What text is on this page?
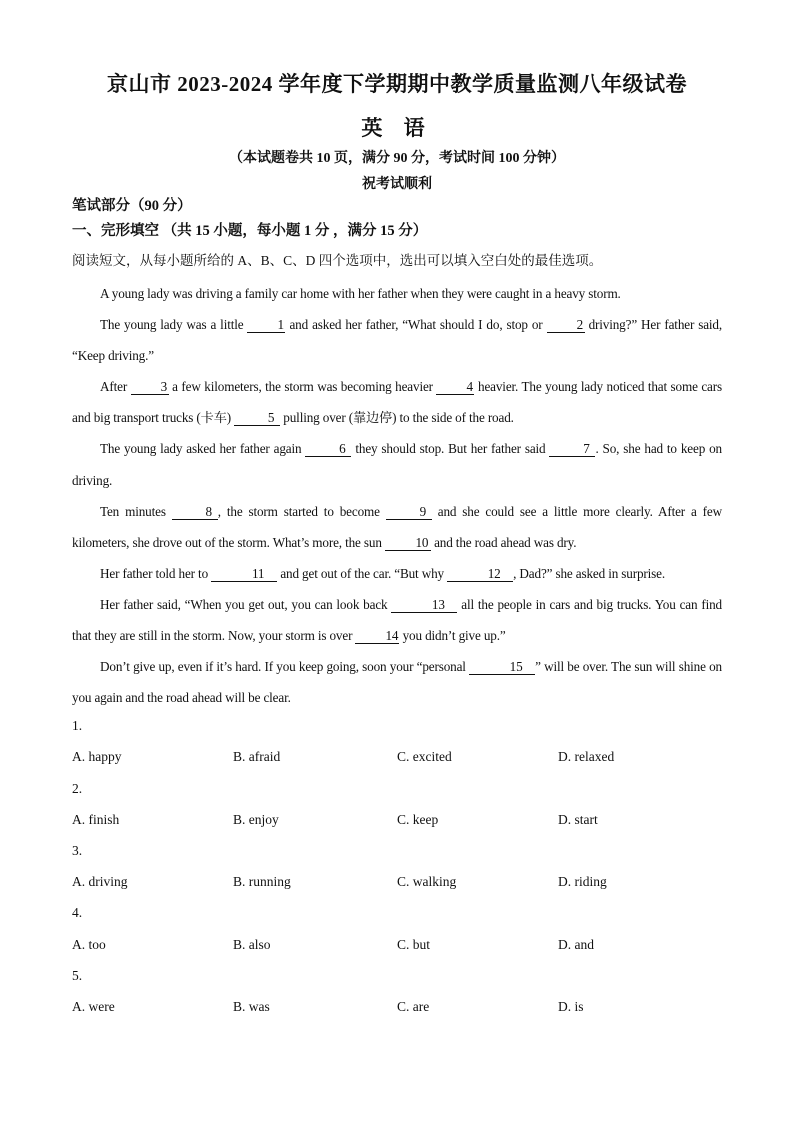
京山市 2023-2024 学年度下学期期中教学质量监测八年级试卷
英 语
（本试题卷共 10 页，满分 90 分，考试时间 100 分钟）
祝考试顺利
笔试部分（90 分）
一、完形填空 （共 15 小题，每小题 1 分 ，满分 15 分）
阅读短文，从每小题所给的 A、B、C、D 四个选项中，选出可以填入空白处的最佳选项。

A young lady was driving a family car home with her father when they were caught in a heavy storm.

The young lady was a little 1 and asked her father, “What should I do, stop or 2 driving?” Her father said, “Keep driving.”

After 3 a few kilometers, the storm was becoming heavier 4 heavier. The young lady noticed that some cars and big transport trucks (卡车)	5 pulling over (靠边停) to the side of the road.

The young lady asked her father again	6 they should stop. But her father said	7 . So, she had to keep on driving.

Ten minutes	8 , the storm started to become	9 and she could see a little more clearly. After a few kilometers, she drove out of the storm. What’s more, the sun 10 and the road ahead was dry.

Her father told her to	11 and get out of the car. “But why	12 , Dad?” she asked in surprise.

Her father said, “When you get out, you can look back	13 all the people in cars and big trucks. You can find that they are still in the storm. Now, your storm is over 14 you didn’t give up.”

Don’t give up, even if it’s hard. If you keep going, soon your “personal	15 ” will be over. The sun will shine on you again and the road ahead will be clear.

1.
A. happy	B. afraid	C. excited	D. relaxed
2.
A. finish	B. enjoy	C. keep	D. start
3.
A. driving	B. running	C. walking	D. riding
4.
A. too	B. also	C. but	D. and
5.
A. were	B. was	C. are	D. is
